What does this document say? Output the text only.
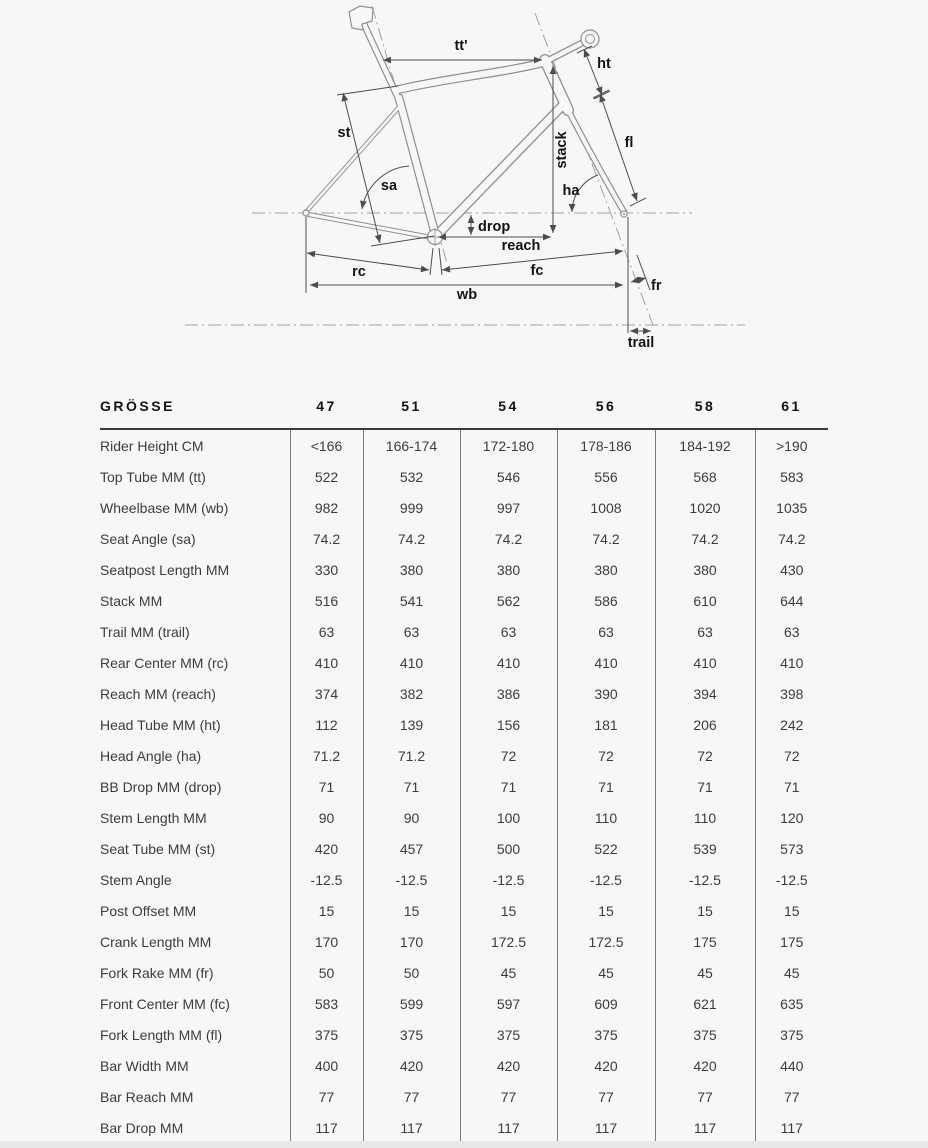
tt'
ht
st
sa
stack	fl
ha
drop
reach
rc	fc
fr
wb
trail
GRÖSSE	47	51	54	56	58	61
Rider Height CM	<166	166-174	172-180	178-186	184-192	>190
Top Tube MM (tt)	522	532	546	556	568	583
Wheelbase MM (wb)	982	999	997	1008	1020	1035
Seat Angle (sa)	74.2	74.2	74.2	74.2	74.2	74.2
Seatpost Length MM	330	380	380	380	380	430
Stack MM	516	541	562	586	610	644
Trail MM (trail)	63	63	63	63	63	63
Rear Center MM (rc)	410	410	410	410	410	410
Reach MM (reach)	374	382	386	390	394	398
Head Tube MM (ht)	112	139	156	181	206	242
Head Angle (ha)	71.2	71.2	72	72	72	72
BB Drop MM (drop)	71	71	71	71	71	71
Stem Length MM	90	90	100	110	110	120
Seat Tube MM (st)	420	457	500	522	539	573
Stem Angle	-12.5	-12.5	-12.5	-12.5	-12.5	-12.5
Post Offset MM	15	15	15	15	15	15
Crank Length MM	170	170	172.5	172.5	175	175
Fork Rake MM (fr)	50	50	45	45	45	45
Front Center MM (fc)	583	599	597	609	621	635
Fork Length MM (fl)	375	375	375	375	375	375
Bar Width MM	400	420	420	420	420	440
Bar Reach MM	77	77	77	77	77	77
Bar Drop MM	117	117	117	117	117	117
